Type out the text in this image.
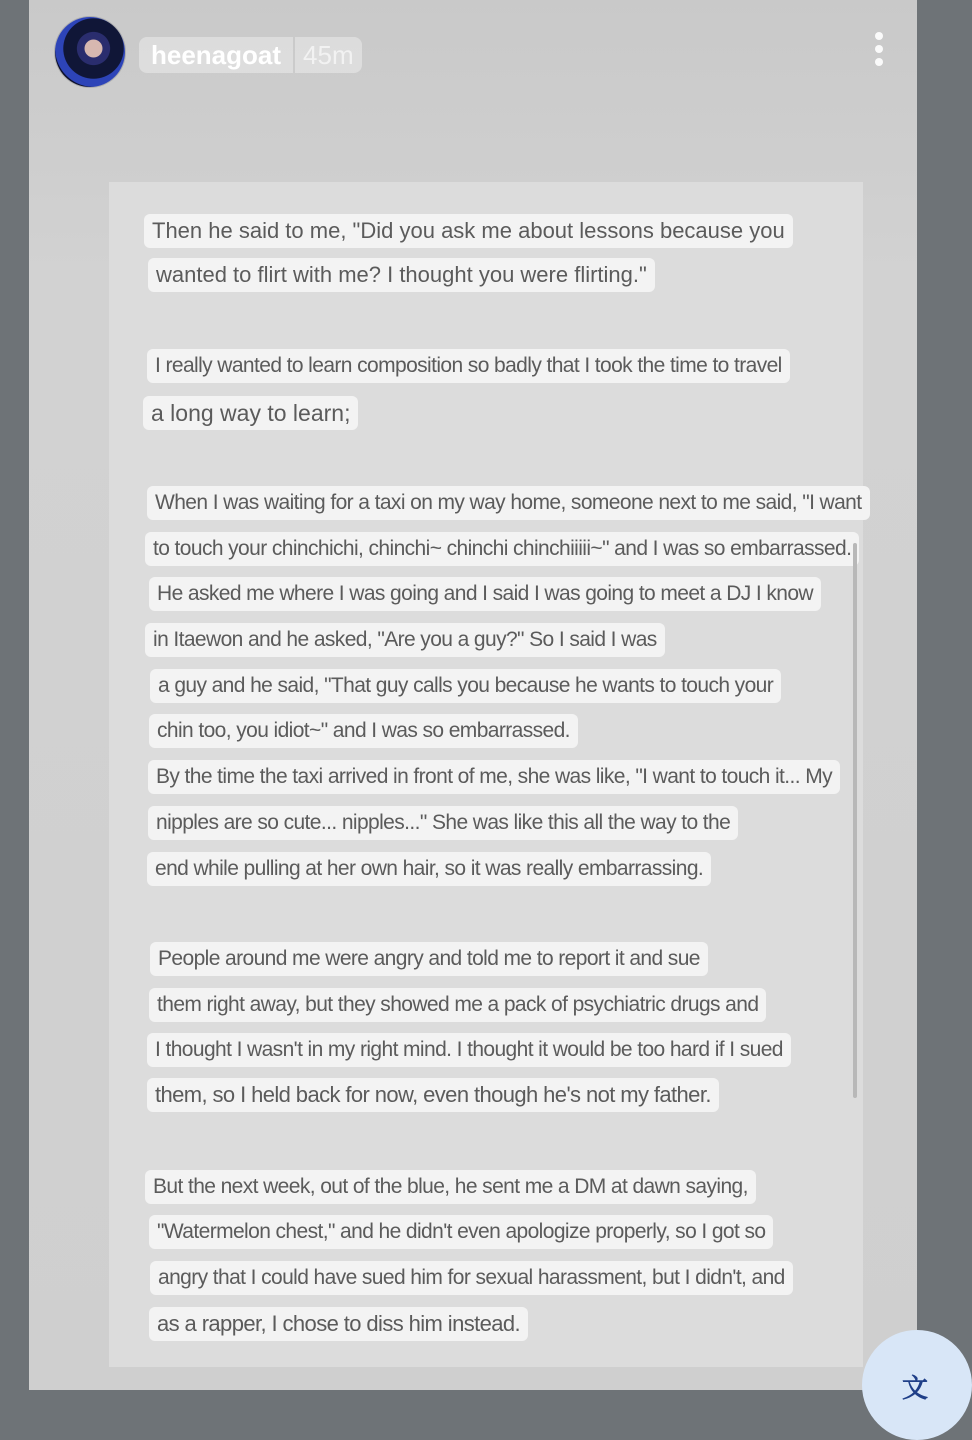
heenagoat 45m
Then he said to me, "Did you ask me about lessons because you
wanted to flirt with me? I thought you were flirting."
I really wanted to learn composition so badly that I took the time to travel
a long way to learn;
When I was waiting for a taxi on my way home, someone next to me said, "I want
to touch your chinchichi, chinchi~ chinchi chinchiiiii~" and I was so embarrassed.
He asked me where I was going and I said I was going to meet a DJ I know
in Itaewon and he asked, "Are you a guy?" So I said I was
a guy and he said, "That guy calls you because he wants to touch your
chin too, you idiot~" and I was so embarrassed.
By the time the taxi arrived in front of me, she was like, "I want to touch it... My
nipples are so cute... nipples..." She was like this all the way to the
end while pulling at her own hair, so it was really embarrassing.
People around me were angry and told me to report it and sue
them right away, but they showed me a pack of psychiatric drugs and
I thought I wasn't in my right mind. I thought it would be too hard if I sued
them, so I held back for now, even though he's not my father.
But the next week, out of the blue, he sent me a DM at dawn saying,
"Watermelon chest," and he didn't even apologize properly, so I got so
angry that I could have sued him for sexual harassment, but I didn't, and
as a rapper, I chose to diss him instead.
文
